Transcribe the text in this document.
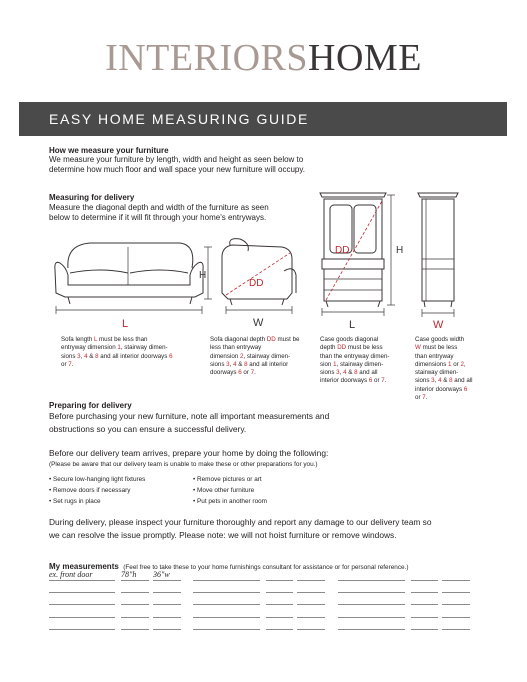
INTERIORSHOME
EASY HOME MEASURING GUIDE
How we measure your furniture
We measure your furniture by length, width and height as seen below to
determine how much floor and wall space your new furniture will occupy.
Measuring for delivery
Measure the diagonal depth and width of the furniture as seen
below to determine if it will fit through your home's entryways.
L
DD
W
H
DD
L
H
W
Sofa length L must be less than
entryway dimension 1, stairway dimen-
sions 3, 4 & 8 and all interior doorways 6
or 7.
Sofa diagonal depth DD must be
less than entryway
dimension 2, stairway dimen-
sions 3, 4 & 8 and all interior
doorways 6 or 7.
Case goods diagonal
depth DD must be less
than the entryway dimen-
sion 1, stairway dimen-
sions 3, 4 & 8 and all
interior doorways 6 or 7.
Case goods width
W must be less
than entryway
dimensions 1 or 2,
stairway dimen-
sions 3, 4 & 8 and all
interior doorways 6
or 7.
Preparing for delivery
Before purchasing your new furniture, note all important measurements and
obstructions so you can ensure a successful delivery.
Before our delivery team arrives, prepare your home by doing the following:
(Please be aware that our delivery team is unable to make these or other preparations for you.)
• Secure low-hanging light fixtures
• Remove doors if necessary
• Set rugs in place
• Remove pictures or art
• Move other furniture
• Put pets in another room
During delivery, please inspect your furniture thoroughly and report any damage to our delivery team so
we can resolve the issue promptly. Please note: we will not hoist furniture or remove windows.
My measurements (Feel free to take these to your home furnishings consultant for assistance or for personal reference.)
ex. front door	78"h 36"w
